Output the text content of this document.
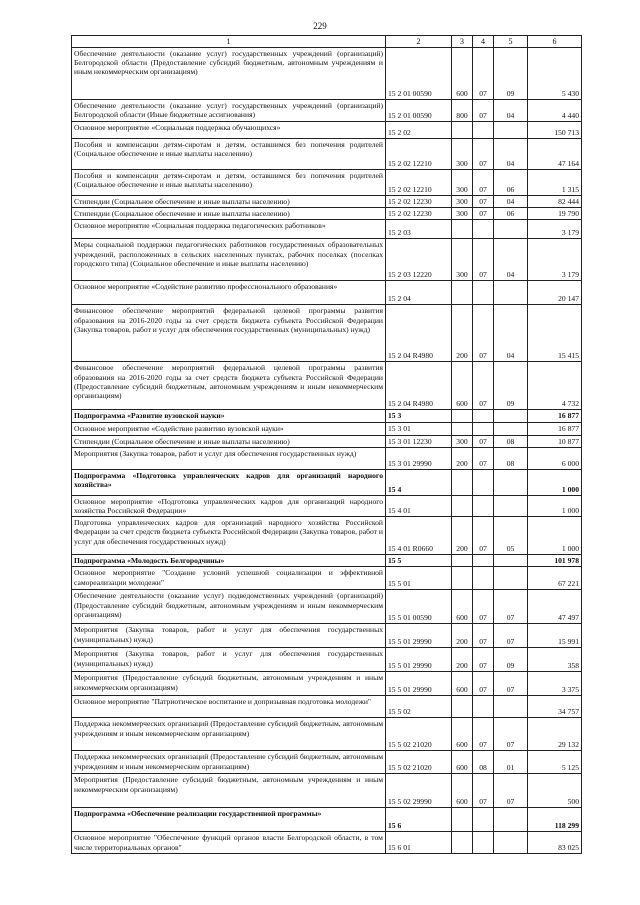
229
1	2	3	4	5	6
Обеспечение деятельности (оказание услуг) государственных учреждений (организаций) Белгородской области (Предоставление субсидий бюджетным, автономным учреждениям и иным некоммерческим организациям)	15 2 01 00590	600	07	09	5 430
Обеспечение деятельности (оказание услуг) государственных учреждений (организаций) Белгородской области (Иные бюджетные ассигнования)	15 2 01 00590	800	07	04	4 440
Основное мероприятие «Социальная поддержка обучающихся»	15 2 02				150 713
Пособия и компенсации детям-сиротам и детям, оставшимся без попечения родителей (Социальное обеспечение и иные выплаты населению)	15 2 02 12210	300	07	04	47 164
Пособия и компенсации детям-сиротам и детям, оставшимся без попечения родителей (Социальное обеспечение и иные выплаты населению)	15 2 02 12210	300	07	06	1 315
Стипендии (Социальное обеспечение и иные выплаты населению)	15 2 02 12230	300	07	04	82 444
Стипендии (Социальное обеспечение и иные выплаты населению)	15 2 02 12230	300	07	06	19 790
Основное мероприятие «Социальная поддержка педагогических работников»	15 2 03				3 179
Меры социальной поддержки педагогических работников государственных образовательных учреждений, расположенных в сельских населенных пунктах, рабочих поселках (поселках городского типа) (Социальное обеспечение и иные выплаты населению)	15 2 03 12220	300	07	04	3 179
Основное мероприятие «Содействие развитию профессионального образования»	15 2 04				20 147
Финансовое обеспечение мероприятий федеральной целевой программы развития образования на 2016-2020 годы за счет средств бюджета субъекта Российской Федерации (Закупка товаров, работ и услуг для обеспечения государственных (муниципальных) нужд)	15 2 04 R4980	200	07	04	15 415
Финансовое обеспечение мероприятий федеральной целевой программы развития образования на 2016-2020 годы за счет средств бюджета субъекта Российской Федерации (Предоставление субсидий бюджетным, автономным учреждениям и иным некоммерческим организациям)	15 2 04 R4980	600	07	09	4 732
Подпрограмма «Развитие вузовской науки»	15 3				16 877
Основное мероприятие «Содействие развитию вузовской науки»	15 3 01				16 877
Стипендии (Социальное обеспечение и иные выплаты населению)	15 3 01 12230	300	07	08	10 877
Мероприятия (Закупка товаров, работ и услуг для обеспечения государственных нужд)	15 3 01 29990	200	07	08	6 000
Подпрограмма «Подготовка управленческих кадров для организаций народного хозяйства»	15 4				1 000
Основное мероприятие «Подготовка управленческих кадров для организаций народного хозяйства Российской Федерации»	15 4 01				1 000
Подготовка управленческих кадров для организаций народного хозяйства Российской Федерации за счет средств бюджета субъекта Российской Федерации (Закупка товаров, работ и услуг для обеспечения государственных нужд)	15 4 01 R0660	200	07	05	1 000
Подпрограмма «Молодость Белгородчины»	15 5				101 978
Основное мероприятие "Создание условий успешной социализации и эффективной самореализации молодежи"	15 5 01				67 221
Обеспечение деятельности (оказание услуг) подведомственных учреждений (организаций) (Предоставление субсидий бюджетным, автономным учреждениям и иным некоммерческим организациям)	15 5 01 00590	600	07	07	47 497
Мероприятия (Закупка товаров, работ и услуг для обеспечения государственных (муниципальных) нужд)	15 5 01 29990	200	07	07	15 991
Мероприятия (Закупка товаров, работ и услуг для обеспечения государственных (муниципальных) нужд)	15 5 01 29990	200	07	09	358
Мероприятия (Предоставление субсидий бюджетным, автономным учреждениям и иным некоммерческим организациям)	15 5 01 29990	600	07	07	3 375
Основное мероприятие "Патриотическое воспитание и допризывная подготовка молодежи"	15 5 02				34 757
Поддержка некоммерческих организаций (Предоставление субсидий бюджетным, автономным учреждениям и иным некоммерческим организациям)	15 5 02 21020	600	07	07	29 132
Поддержка некоммерческих организаций (Предоставление субсидий бюджетным, автономным учреждениям и иным некоммерческим организациям)	15 5 02 21020	600	08	01	5 125
Мероприятия (Предоставление субсидий бюджетным, автономным учреждениям и иным некоммерческим организациям)	15 5 02 29990	600	07	07	500
Подпрограмма «Обеспечение реализации государственной программы»	15 6				118 299
Основное мероприятие "Обеспечение функций органов власти Белгородской области, в том числе территориальных органов"	15 6 01				83 025
